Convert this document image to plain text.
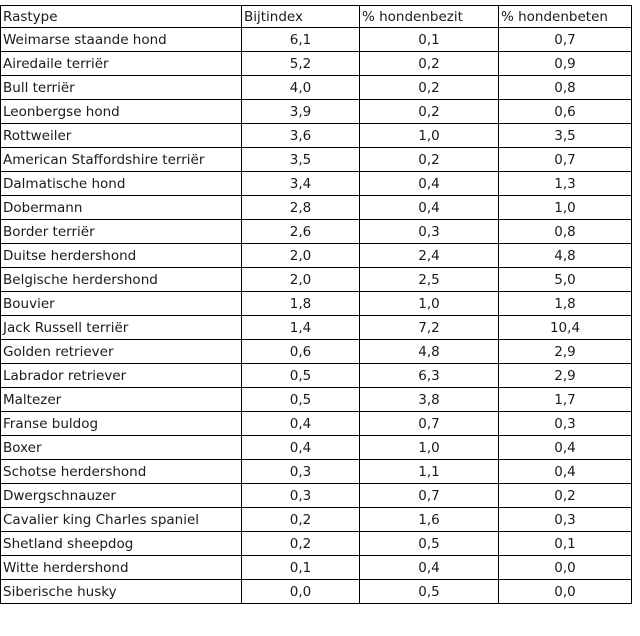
Rastype	Bijtindex	% hondenbezit	% hondenbeten
Weimarse staande hond	6,1	0,1	0,7
Airedaile terriër	5,2	0,2	0,9
Bull terriër	4,0	0,2	0,8
Leonbergse hond	3,9	0,2	0,6
Rottweiler	3,6	1,0	3,5
American Staffordshire terriër	3,5	0,2	0,7
Dalmatische hond	3,4	0,4	1,3
Dobermann	2,8	0,4	1,0
Border terriër	2,6	0,3	0,8
Duitse herdershond	2,0	2,4	4,8
Belgische herdershond	2,0	2,5	5,0
Bouvier	1,8	1,0	1,8
Jack Russell terriër	1,4	7,2	10,4
Golden retriever	0,6	4,8	2,9
Labrador retriever	0,5	6,3	2,9
Maltezer	0,5	3,8	1,7
Franse buldog	0,4	0,7	0,3
Boxer	0,4	1,0	0,4
Schotse herdershond	0,3	1,1	0,4
Dwergschnauzer	0,3	0,7	0,2
Cavalier king Charles spaniel	0,2	1,6	0,3
Shetland sheepdog	0,2	0,5	0,1
Witte herdershond	0,1	0,4	0,0
Siberische husky	0,0	0,5	0,0
